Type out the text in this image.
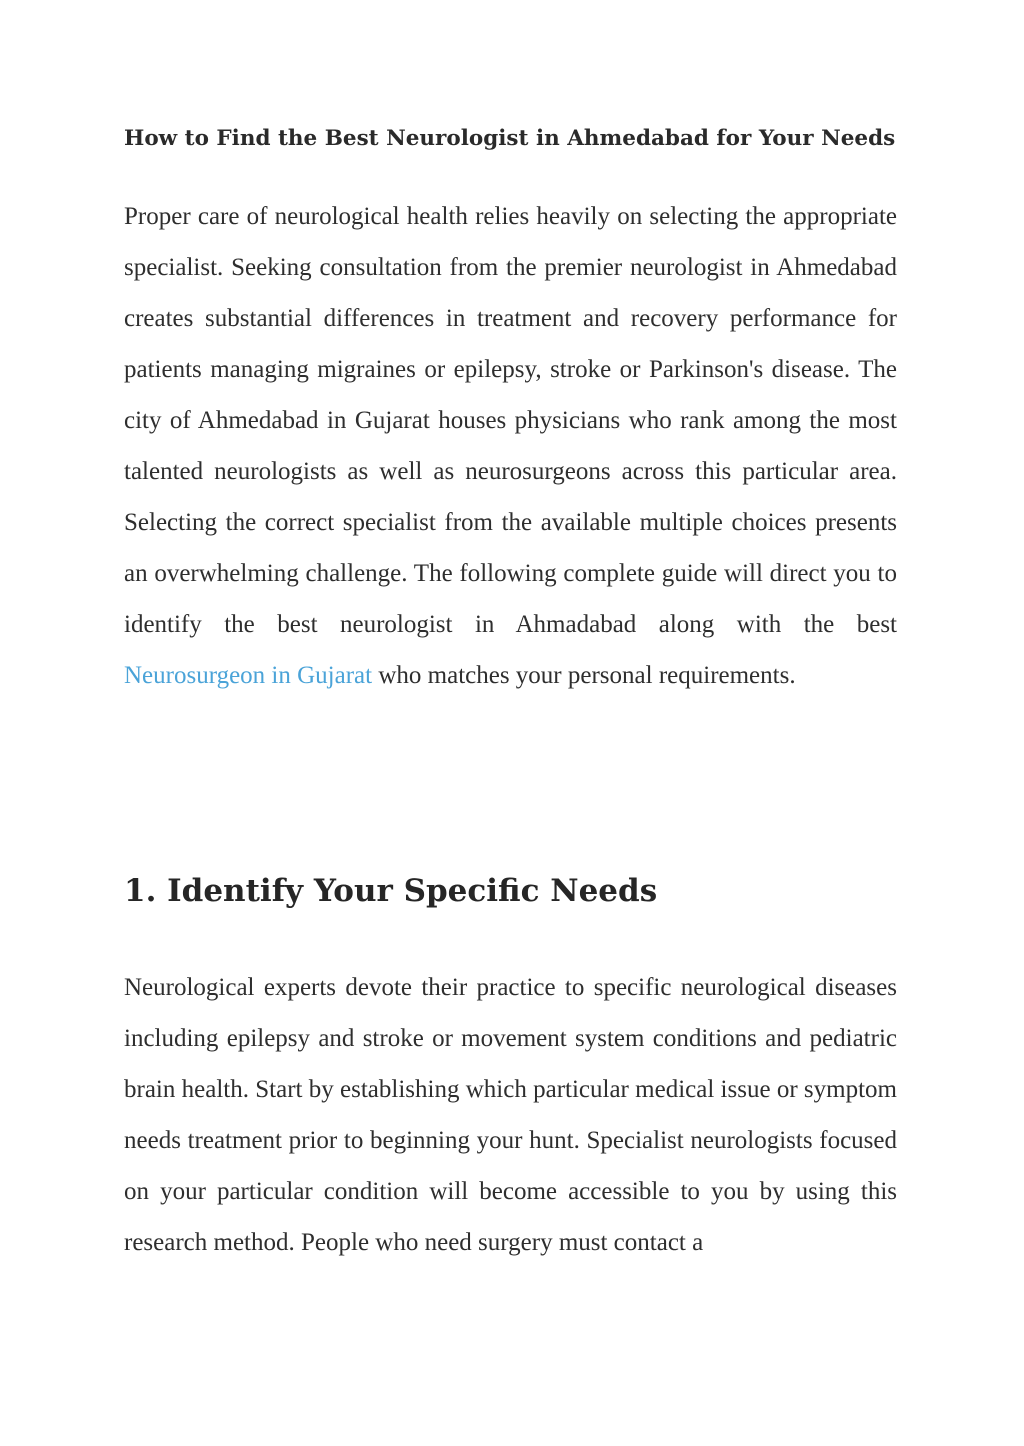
How to Find the Best Neurologist in Ahmedabad for Your Needs

Proper care of neurological health relies heavily on selecting the appropriate specialist. Seeking consultation from the premier neurologist in Ahmedabad creates substantial differences in treatment and recovery performance for patients managing migraines or epilepsy, stroke or Parkinson's disease. The city of Ahmedabad in Gujarat houses physicians who rank among the most talented neurologists as well as neurosurgeons across this particular area. Selecting the correct specialist from the available multiple choices presents an overwhelming challenge. The following complete guide will direct you to identify the best neurologist in Ahmadabad along with the best Neurosurgeon in Gujarat who matches your personal requirements.

1. Identify Your Specific Needs

Neurological experts devote their practice to specific neurological diseases including epilepsy and stroke or movement system conditions and pediatric brain health. Start by establishing which particular medical issue or symptom needs treatment prior to beginning your hunt. Specialist neurologists focused on your particular condition will become accessible to you by using this research method. People who need surgery must contact a
